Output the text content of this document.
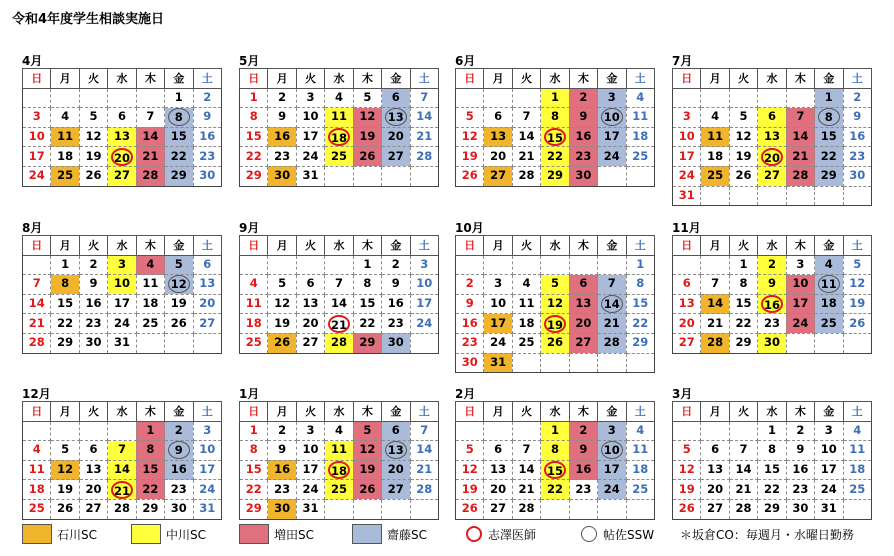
令和4年度学生相談実施日
4月
日	月	火	水	木	金	土
					1	2
3	4	5	6	7	8	9
10	11	12	13	14	15	16
17	18	19	20	21	22	23
24	25	26	27	28	29	30
5月
日	月	火	水	木	金	土
1	2	3	4	5	6	7
8	9	10	11	12	13	14
15	16	17	18	19	20	21
22	23	24	25	26	27	28
29	30	31				
6月
日	月	火	水	木	金	土
			1	2	3	4
5	6	7	8	9	10	11
12	13	14	15	16	17	18
19	20	21	22	23	24	25
26	27	28	29	30		
7月
日	月	火	水	木	金	土
					1	2
3	4	5	6	7	8	9
10	11	12	13	14	15	16
17	18	19	20	21	22	23
24	25	26	27	28	29	30
31						
8月
日	月	火	水	木	金	土
	1	2	3	4	5	6
7	8	9	10	11	12	13
14	15	16	17	18	19	20
21	22	23	24	25	26	27
28	29	30	31			
9月
日	月	火	水	木	金	土
				1	2	3
4	5	6	7	8	9	10
11	12	13	14	15	16	17
18	19	20	21	22	23	24
25	26	27	28	29	30	
10月
日	月	火	水	木	金	土
						1
2	3	4	5	6	7	8
9	10	11	12	13	14	15
16	17	18	19	20	21	22
23	24	25	26	27	28	29
30	31					
11月
日	月	火	水	木	金	土
		1	2	3	4	5
6	7	8	9	10	11	12
13	14	15	16	17	18	19
20	21	22	23	24	25	26
27	28	29	30			
12月
日	月	火	水	木	金	土
				1	2	3
4	5	6	7	8	9	10
11	12	13	14	15	16	17
18	19	20	21	22	23	24
25	26	27	28	29	30	31
1月
日	月	火	水	木	金	土
1	2	3	4	5	6	7
8	9	10	11	12	13	14
15	16	17	18	19	20	21
22	23	24	25	26	27	28
29	30	31				
2月
日	月	火	水	木	金	土
			1	2	3	4
5	6	7	8	9	10	11
12	13	14	15	16	17	18
19	20	21	22	23	24	25
26	27	28				
3月
日	月	火	水	木	金	土
			1	2	3	4
5	6	7	8	9	10	11
12	13	14	15	16	17	18
19	20	21	22	23	24	25
26	27	28	29	30	31	
石川SC	中川SC	増田SC	齋藤SC	志澤医師	帖佐SSW ＊坂倉CO：毎週月・水曜日勤務
